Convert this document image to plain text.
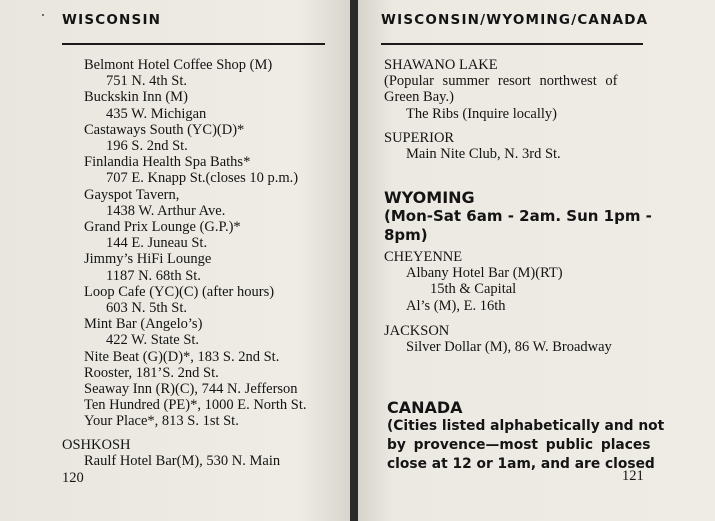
WISCONSIN
Belmont Hotel Coffee Shop (M)
751 N. 4th St.
Buckskin Inn (M)
435 W. Michigan
Castaways South (YC)(D)*
196 S. 2nd St.
Finlandia Health Spa Baths*
707 E. Knapp St.(closes 10 p.m.)
Gayspot Tavern,
1438 W. Arthur Ave.
Grand Prix Lounge (G.P.)*
144 E. Juneau St.
Jimmy’s HiFi Lounge
1187 N. 68th St.
Loop Cafe (YC)(C) (after hours)
603 N. 5th St.
Mint Bar (Angelo’s)
422 W. State St.
Nite Beat (G)(D)*, 183 S. 2nd St.
Rooster, 181’S. 2nd St.
Seaway Inn (R)(C), 744 N. Jefferson
Ten Hundred (PE)*, 1000 E. North St.
Your Place*, 813 S. 1st St.
OSHKOSH
Raulf Hotel Bar(M), 530 N. Main
120
WISCONSIN/WYOMING/CANADA
SHAWANO LAKE
(Popular summer resort northwest of
Green Bay.)
The Ribs (Inquire locally)
SUPERIOR
Main Nite Club, N. 3rd St.
WYOMING
(Mon-Sat 6am - 2am. Sun 1pm -
8pm)
CHEYENNE
Albany Hotel Bar (M)(RT)
15th & Capital
Al’s (M), E. 16th
JACKSON
Silver Dollar (M), 86 W. Broadway
CANADA
(Cities listed alphabetically and not
by provence—most public places
close at 12 or 1am, and are closed
121
